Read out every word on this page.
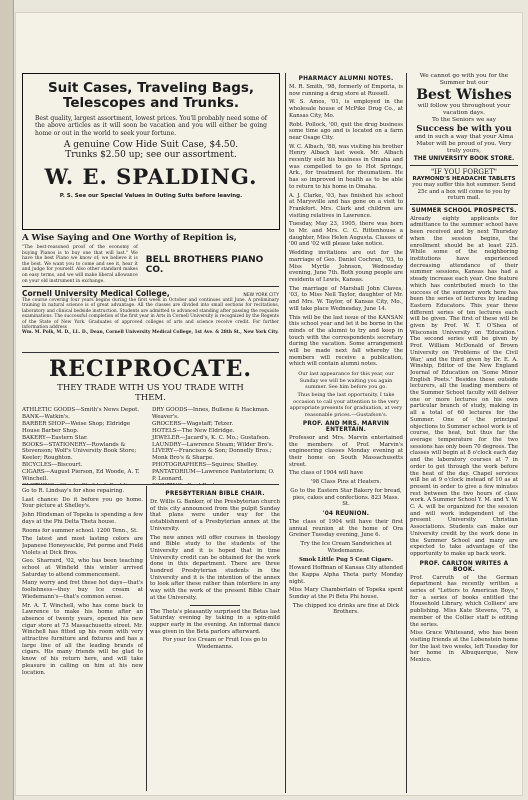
Suit Cases, Traveling Bags,
Telescopes and Trunks.
Best quality, largest assortment, lowest prices. You'll probably need some of the above articles as it will soon be vacation and you will either be going home or out in the world to seek your fortune.
A genuine Cow Hide Suit Case, $4.50.
Trunks $2.50 up; see our assortment.
W. E. SPALDING.
P. S. See our Special Values in Outing Suits before leaving.
A Wise Saying and One Worthy of Repition is,
"The best-reasoned proof of the economy of buying Pianos is to buy one that will last." We have the best Piano we know of; we believe it is the best. We want you to come and see it, hear it and judge for yourself. Also other standard makes on easy terms, and we will make liberal allowance on your old instrument in exchange.
BELL BROTHERS PIANO CO.
Cornell University Medical College,	NEW YORK CITY
The course covering four years begins during the first week in October and continues until June. A preliminary training in natural science is of great advantage. All the classes are divided into small sections for recitations, laboratory and clinical bedside instruction. Students are admitted to advanced standing after passing the requisite examinations. The successful completion of the first year in Arts in Cornell University is recognized by the Regents of the State of New York. Graduates of approved colleges of arts and science receive credit. For further information address
Wm. M. Polk, M. D., LL. D., Dean, Cornell University Medical College, 1st Ave. & 28th St., New York City.
RECIPROCATE.
THEY TRADE WITH US YOU TRADE WITH THEM.

ATHLETIC GOODS—Smith's News Depot.

BANK—Watkin's.

BARBER SHOP—Weise Shop; Eldridge House Barber Shop.

BAKERY—Eastern Star.

BOOKS—STATIONERY—Rowlands & Stevenson; Wolf's University Book Store; Keeler; Roughton.

BICYCLES—Biscourt.

CIGARS—August Pierson, Ed Woode, A. T. Winchell.

DRY GOODS—Innes, Bullene & Hackman. Weaver's.

GROCERS—Wagstaff; Tetzer.

HOTELS—The New Eldridge.

JEWELER—Jacard's, K. C. Mo.; Gustafson.

LAUNDRY—Lawrence Steam; Wilder Bro's.

LIVERY—Francisco & Son; Donnelly Bros.; Monk Bro's & Sharpe.

PHOTOGRAPHERS—Squires; Shelley.

PANTATORIUM—Lawrence Pantatorium; O. P. Leonard.

Go to R. Lindsay's for shoe repairing.

Last chance: Do it before you go home. Your picture at Shelley's.

John Hindsman of Topeka is spending a few days at the Phi Delta Theta house.

Rooms for summer school. 1200 Tenn., St.

The latest and most lasting colors are Japanese Honeysuckle, Pet perme and Field Violets at Dick Bros.

Geo. Sharrard, '02, who has been teaching school at Winfield this winter arrived Saturday to attend commencement.

Many worry and fret these hot days—that's foolishness—they buy Ice cream at Wiedemann's—that's common sense.

Mr. A. T. Winchell, who has come back to Lawrence to make his home after an absence of twenty years, opened his new cigar store at 73 Massachusetts street. Mr. Winchell has fitted up his room with very attractive furniture and fixtures and has a large line of all the leading brands of cigars. His many friends will be glad to know of his return here, and will take pleasure in calling on him at his new location.

PRESBYTERIAN BIBLE CHAIR.

Dr. Willis G. Banker, of the Presbyterian church of this city announced from the pulpit Sunday that plans were under way for the establishment of a Presbyterian annex at the University.

The new annex will offer courses in theology and Bible study to the students of the University and it is hoped that in time University credit can be obtained for the work done in this department. There are three hundred Presbyterian students in the University and it is the intention of the annex to look after these rather than interfere in any way with the work of the present Bible Chair at the University.

The Theta's pleasantly surprised the Betas last Saturday evening by taking in a spin-mild supper early in the evening. An informal dance was given in the Beta parlors afterward.

For your Ice Cream or Fruit Ices go to Wiedemanns.

PHARMACY ALUMNI NOTES.

M. R. Smith, '98, formerly of Emporia, is now running a drug store at Russell.

W. S. Amos, '01, is employed in the wholesale house of McPike Drug Co., at Kansas City, Mo.

Robt. Pollock, '00, quit the drug business some time ago and is located on a farm near Osage City.

W. C. Albach, '88, was visiting his brother Henry Albach last week. Mr. Albach recently sold his business in Omaha and was compelled to go to Hot Springs, Ark., for treatment for rheumatism. He has so improved in health as to be able to return to his home in Omaha.

A. J. Clarke, '03, has finished his school at Marysville and has gone on a visit to Frankfort. Mrs. Clark and children are visiting relatives in Lawrence.

Tuesday, May 23, 1905, there was born to Mr. and Mrs. C. C. Rittenhouse a daughter, Miss Helen Augusta. Classes of '00 and '02 will please take notice.

Wedding invitations are out for the marriage of Geo. Daniel Cochran, '03, to Miss Myrtle Johnson, Wednesday evening, June 7th. Both young people are residents of Lewis, Kansas.

The marriage of Marshall John Claves, '03, to Miss Nell Taylor, daughter of Mr. and Mrs. W. Taylor, of Kansas City, Mo., will take place Wednesday, June 14.

This will be the last issue of the KANSAN this school year and let it be borne in the minds of the alumni to try and keep in touch with the correspondents secretary during the vacation. Some arrangement will be made next fall whereby the members will receive a publication, which will contain alumni notes.

Our last appearance for this year, our Sunday we will be waiting you again summer. See him before you go.

Thus being the last opportunity, I take occasion to call your attention to the very appropriate presents for graduation, at very reasonable prices.—Gustafson's.

PROF. AND MRS. MARVIN ENTERTAIN.

Professor and Mrs. Marvin entertained the members of Prof. Marvin's engineering classes Monday evening at their home on South Massachusetts street.

The class of 1904 will have

'98 Class Pins at Heaters.

Go to the Eastern Star Bakery for bread, pies, cakes and confections. 823 Mass. St.

'04 REUNION.

The class of 1904 will have their first annual reunion at the home of Ora Greiner Tuesday evening, June 6.

Try the Ice Cream Sandwiches at Wiedemanns.

Smok Little Pug 5 Cent Cigare.

Howard Hoffman of Kansas City attended the Kappa Alpha Theta party Monday night.

Miss Mary Chamberlain of Topeka spent Sunday at the Pi Beta Phi house.

The chipped ice drinks are fine at Dick Brothers.

We cannot go with you for the Summer but our
Best Wishes
will follow you throughout your vacation days.
To the Seniors we say
Success be with you
and in such a way that your Alma Mater will be proud of you. Very truly yours,
THE UNIVERSITY BOOK STORE.
"IF YOU FORGET"
RAYMOND'S HEADACHE TABLETS
you may suffer this hot summer. Send 25c and a box will come to you by return mail.
SUMMER SCHOOL PROSPECTS.

Already eighty applicants for admittance to the summer school have been received and by next Thursday when the session begins, the enrollment should be at least 225. While some of the neighboring institutions have experienced decreasing attendance of their summer sessions, Kansas has had a steady increase each year. One feature which has contributed much to the success of the summer work here has been the series of lectures by leading Eastern Educators. This year three different series of ten lectures each will be given. The first of these will be given by Prof. W. T. O'Shea of Wisconsin University on 'Education.' The second series will be given by Prof. William McDonald of Brown University on 'Problems of the Civil War,' and the third given by Dr. E. A. Winship, Editor of the New England Journal of Education on 'Some Minor English Poets.' Besides these outside lecturers, all the leading members of the Summer School faculty will deliver one or more lectures on his own particular branch of study, making in all a total of 60 lectures for the Summer. One of the principal objections to Summer school work is of course, the heat, but thus far the average temperature for the two sessions has only been 70 degrees. The classes will begin at 8 o'clock each day and the laboratory courses at 7 in order to get through the work before the heat of the day. Chapel services will be at 9 o'clock instead of 10 as at present in order to give a few minutes rest between the two hours of class work. A Summer School Y. M. and Y. W. C. A. will be organized for the session and will work independent of the present University Christian Associations. Students can make our University credit by the work done in the Summer School and many are expected to take advantage of the opportunity to make up back work.

PROF. CARLTON WRITES A BOOK.

Prof. Carruth of the German department has recently written a series of "Letters to American Boys," for a series of books entitled the Household Library, which Colliers' are publishing. Miss Kate Stevens, '75, a member of the Collier staff is editing the series.

Miss Grace Whitesand, who has been visiting friends at the Lobenstein home for the last two weeks, left Tuesday for her home in Albuquerque, New Mexico.
